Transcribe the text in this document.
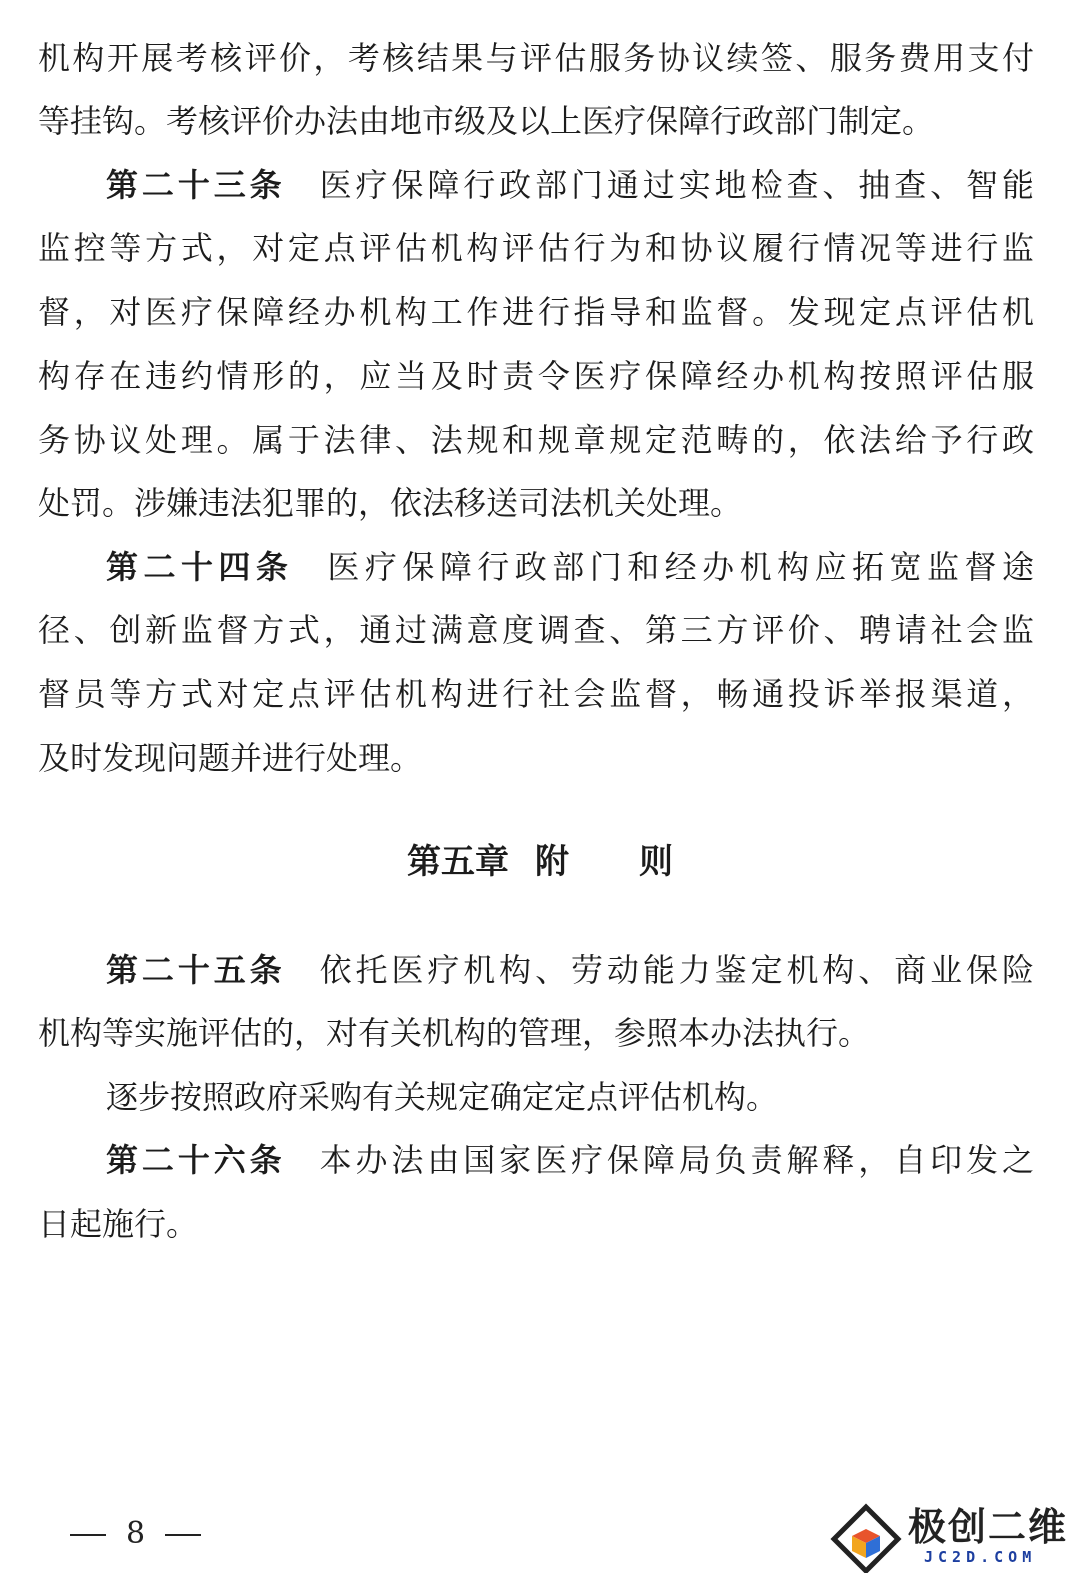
机构开展考核评价，考核结果与评估服务协议续签、服务费用支付
等挂钩。考核评价办法由地市级及以上医疗保障行政部门制定。
第二十三条 医疗保障行政部门通过实地检查、抽查、智能
监控等方式，对定点评估机构评估行为和协议履行情况等进行监
督，对医疗保障经办机构工作进行指导和监督。发现定点评估机
构存在违约情形的，应当及时责令医疗保障经办机构按照评估服
务协议处理。属于法律、法规和规章规定范畴的，依法给予行政
处罚。涉嫌违法犯罪的，依法移送司法机关处理。
第二十四条 医疗保障行政部门和经办机构应拓宽监督途
径、创新监督方式，通过满意度调查、第三方评价、聘请社会监
督员等方式对定点评估机构进行社会监督，畅通投诉举报渠道，
及时发现问题并进行处理。
第五章 附 则
第二十五条 依托医疗机构、劳动能力鉴定机构、商业保险
机构等实施评估的，对有关机构的管理，参照本办法执行。
逐步按照政府采购有关规定确定定点评估机构。
第二十六条 本办法由国家医疗保障局负责解释，自印发之
日起施行。
8	极创二维
JC2D.COM
